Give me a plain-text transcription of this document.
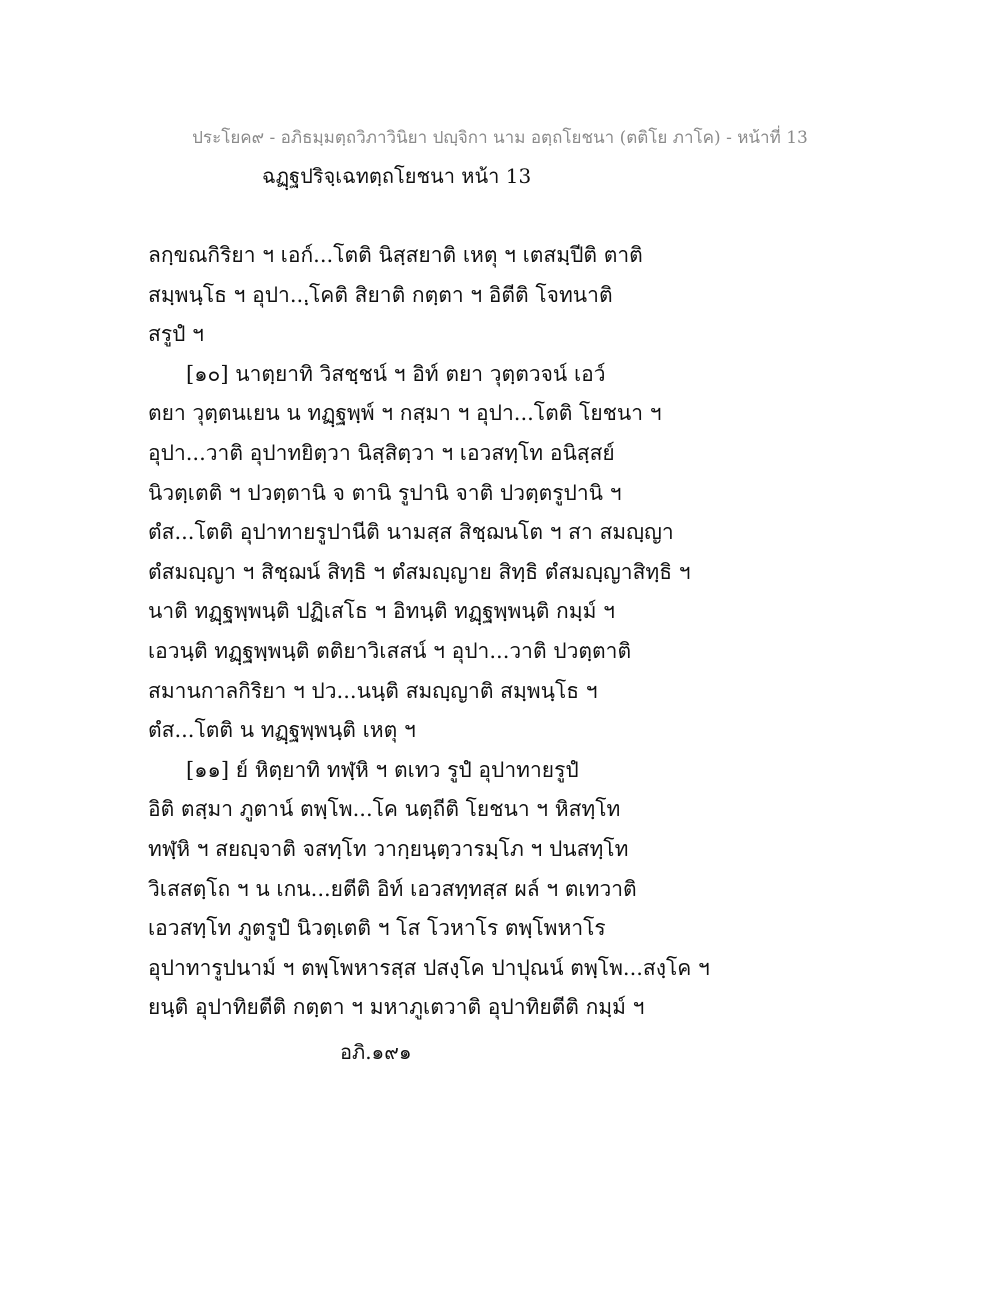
ประโยค๙ - อภิธมฺมตฺถวิภาวินิยา ปญฺจิกา นาม อตฺถโยชนา (ตติโย ภาโค) - หน้าที่ 13
ฉฏฺฐปริจฺเฉทตฺถโยชนา หน้า 13
ลกฺขณกิริยา ฯ เอก์...โตติ นิสฺสยาติ เหตุ ฯ เตสมฺปีติ ตาติ
สมฺพนฺโธ ฯ อุปา...ฺโคติ สิยาติ กตฺตา ฯ อิตีติ โจทนาติ
สรูปํ ฯ
[๑๐] นาตฺยาทิ วิสชฺชน์ ฯ อิท์ ตยา วุตฺตวจน์ เอว์
ตยา วุตฺตนเยน น ทฏฺฐพฺพ์ ฯ กสฺมา ฯ อุปา...โตติ โยชนา ฯ
อุปา...วาติ อุปาทยิตฺวา นิสฺสิตฺวา ฯ เอวสทฺโท อนิสฺสย์
นิวตฺเตติ ฯ ปวตฺตานิ จ ตานิ รูปานิ จาติ ปวตฺตรูปานิ ฯ
ตํส...โตติ อุปาทายรูปานีติ นามสฺส สิชฺฌนโต ฯ สา สมญฺญา
ตํสมญฺญา ฯ สิชฺฌน์ สิทฺธิ ฯ ตํสมญฺญาย สิทฺธิ ตํสมญฺญาสิทฺธิ ฯ
นาติ ทฏฺฐพฺพนฺติ ปฏิเสโธ ฯ อิทนฺติ ทฏฺฐพฺพนฺติ กมฺม์ ฯ
เอวนฺติ ทฏฺฐพฺพนฺติ ตติยาวิเสสน์ ฯ อุปา...วาติ ปวตฺตาติ
สมานกาลกิริยา ฯ ปว...นนฺติ สมญฺญาติ สมฺพนฺโธ ฯ
ตํส...โตติ น ทฏฺฐพฺพนฺติ เหตุ ฯ
[๑๑] ย์ หิตฺยาทิ ทฬฺหิ ฯ ตเทว รูปํ อุปาทายรูปํ
อิติ ตสฺมา ภูตาน์ ตพฺโพ...โค นตฺถีติ โยชนา ฯ หิสทฺโท
ทฬฺหิ ฯ สยญฺจาติ จสทฺโท วากฺยนฺตฺวารมฺโภ ฯ ปนสทฺโท
วิเสสตฺโถ ฯ น เกน...ยตีติ อิท์ เอวสทฺทสฺส ผล์ ฯ ตเทวาติ
เอวสทฺโท ภูตรูปํ นิวตฺเตติ ฯ โส โวหาโร ตพฺโพหาโร
อุปาทารูปนาม์ ฯ ตพฺโพหารสฺส ปสงฺโค ปาปุณน์ ตพฺโพ...สงฺโค ฯ
ยนฺติ อุปาทิยตีติ กตฺตา ฯ มหาภูเตวาติ อุปาทิยตีติ กมฺม์ ฯ
อภิ.๑๙๑
